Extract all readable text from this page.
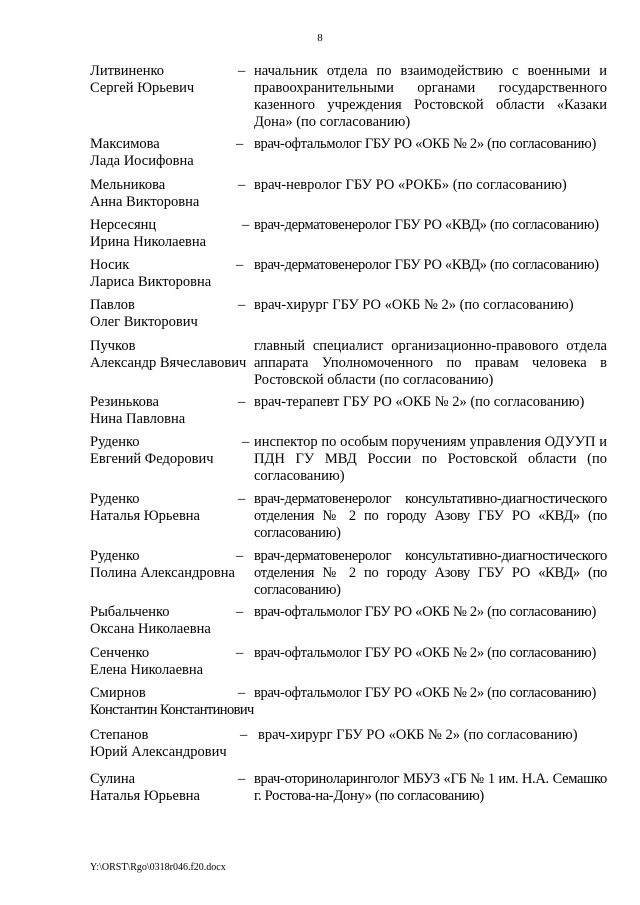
8
Литвиненко
Сергей Юрьевич
– начальник отдела по взаимодействию с военными и правоохранительными органами государственного казенного учреждения Ростовской области «Казаки Дона» (по согласованию)
Максимова
Лада Иосифовна
– врач-офтальмолог ГБУ РО «ОКБ № 2» (по согласованию)
Мельникова
Анна Викторовна
– врач-невролог ГБУ РО «РОКБ» (по согласованию)
Нерсесянц
Ирина Николаевна
– врач-дерматовенеролог ГБУ РО «КВД» (по согласованию)
Носик
Лариса Викторовна
– врач-дерматовенеролог ГБУ РО «КВД» (по согласованию)
Павлов
Олег Викторович
– врач-хирург ГБУ РО «ОКБ № 2» (по согласованию)
Пучков
Александр Вячеславович
главный специалист организационно-правового отдела аппарата Уполномоченного по правам человека в Ростовской области (по согласованию)
Резинькова
Нина Павловна
– врач-терапевт ГБУ РО «ОКБ № 2» (по согласованию)
Руденко
Евгений Федорович
– инспектор по особым поручениям управления ОДУУП и ПДН ГУ МВД России по Ростовской области (по согласованию)
Руденко
Наталья Юрьевна
– врач-дерматовенеролог консультативно-диагностического отделения № 2 по городу Азову ГБУ РО «КВД» (по согласованию)
Руденко
Полина Александровна
– врач-дерматовенеролог консультативно-диагностического отделения № 2 по городу Азову ГБУ РО «КВД» (по согласованию)
Рыбальченко
Оксана Николаевна
– врач-офтальмолог ГБУ РО «ОКБ № 2» (по согласованию)
Сенченко
Елена Николаевна
– врач-офтальмолог ГБУ РО «ОКБ № 2» (по согласованию)
Смирнов
Константин Константинович
– врач-офтальмолог ГБУ РО «ОКБ № 2» (по согласованию)
Степанов
Юрий Александрович
– врач-хирург ГБУ РО «ОКБ № 2» (по согласованию)
Сулина
Наталья Юрьевна
– врач-оториноларинголог МБУЗ «ГБ № 1 им. Н.А. Семашко г. Ростова-на-Дону» (по согласованию)
Y:\ORST\Rgo\0318r046.f20.docx
